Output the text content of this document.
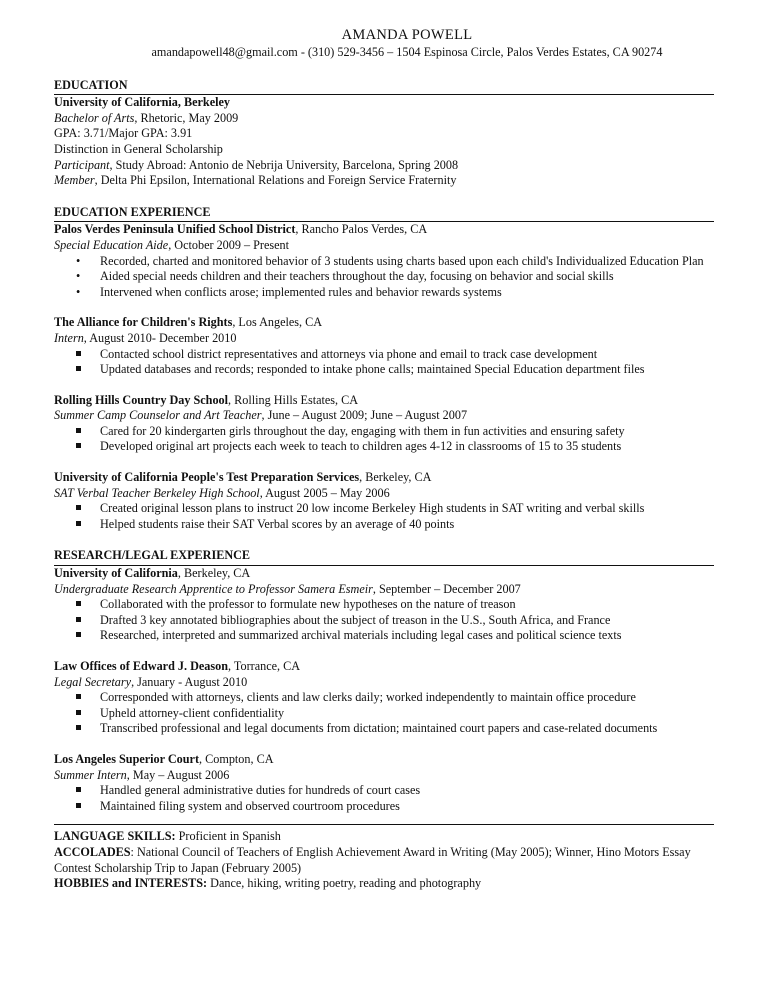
AMANDA POWELL
amandapowell48@gmail.com - (310) 529-3456 – 1504 Espinosa Circle, Palos Verdes Estates, CA 90274
EDUCATION
University of California, Berkeley
Bachelor of Arts, Rhetoric, May 2009
GPA: 3.71/Major GPA: 3.91
Distinction in General Scholarship
Participant, Study Abroad: Antonio de Nebrija University, Barcelona, Spring 2008
Member, Delta Phi Epsilon, International Relations and Foreign Service Fraternity
EDUCATION EXPERIENCE
Palos Verdes Peninsula Unified School District, Rancho Palos Verdes, CA
Special Education Aide, October 2009 – Present
•
Recorded, charted and monitored behavior of 3 students using charts based upon each child's Individualized Education Plan
•
Aided special needs children and their teachers throughout the day, focusing on behavior and social skills
•
Intervened when conflicts arose; implemented rules and behavior rewards systems
The Alliance for Children's Rights, Los Angeles, CA
Intern, August 2010- December 2010
Contacted school district representatives and attorneys via phone and email to track case development
Updated databases and records; responded to intake phone calls; maintained Special Education department files
Rolling Hills Country Day School, Rolling Hills Estates, CA
Summer Camp Counselor and Art Teacher, June – August 2009; June – August 2007
Cared for 20 kindergarten girls throughout the day, engaging with them in fun activities and ensuring safety
Developed original art projects each week to teach to children ages 4-12 in classrooms of 15 to 35 students
University of California People's Test Preparation Services, Berkeley, CA
SAT Verbal Teacher Berkeley High School, August 2005 – May 2006
Created original lesson plans to instruct 20 low income Berkeley High students in SAT writing and verbal skills
Helped students raise their SAT Verbal scores by an average of 40 points
RESEARCH/LEGAL EXPERIENCE
University of California, Berkeley, CA
Undergraduate Research Apprentice to Professor Samera Esmeir, September – December 2007
Collaborated with the professor to formulate new hypotheses on the nature of treason
Drafted 3 key annotated bibliographies about the subject of treason in the U.S., South Africa, and France
Researched, interpreted and summarized archival materials including legal cases and political science texts
Law Offices of Edward J. Deason, Torrance, CA
Legal Secretary, January - August 2010
Corresponded with attorneys, clients and law clerks daily; worked independently to maintain office procedure
Upheld attorney-client confidentiality
Transcribed professional and legal documents from dictation; maintained court papers and case-related documents
Los Angeles Superior Court, Compton, CA
Summer Intern, May – August 2006
Handled general administrative duties for hundreds of court cases
Maintained filing system and observed courtroom procedures
LANGUAGE SKILLS: Proficient in Spanish
ACCOLADES: National Council of Teachers of English Achievement Award in Writing (May 2005); Winner, Hino Motors Essay Contest Scholarship Trip to Japan (February 2005)
HOBBIES and INTERESTS: Dance, hiking, writing poetry, reading and photography
